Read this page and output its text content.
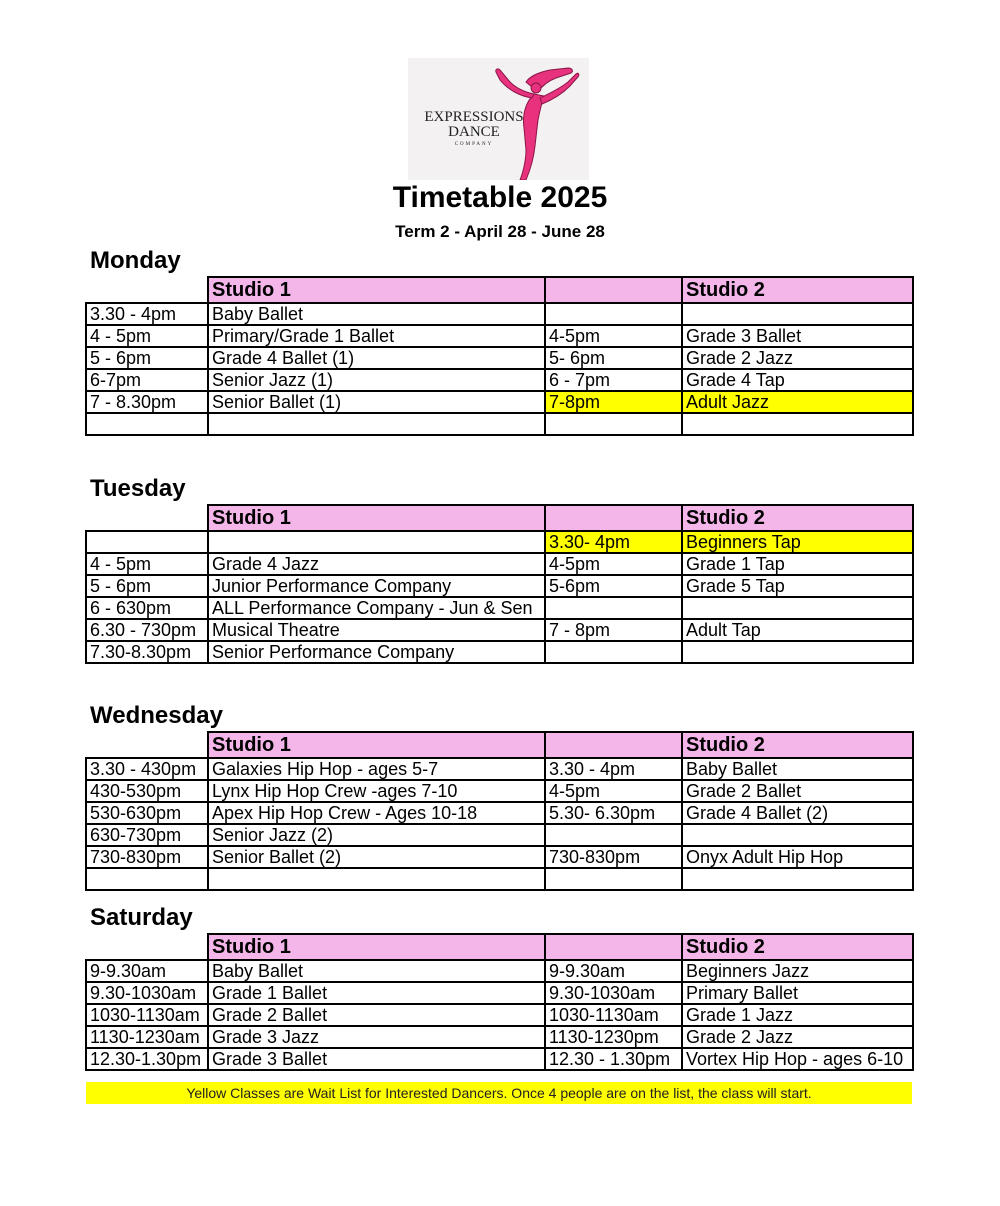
EXPRESSIONS
DANCE
COMPANY
Timetable 2025
Term 2 - April 28 - June 28
Monday
	Studio 1		Studio 2
3.30 - 4pm	Baby Ballet		
4 - 5pm	Primary/Grade 1 Ballet	4-5pm	Grade 3 Ballet
5 - 6pm	Grade 4 Ballet (1)	5- 6pm	Grade 2 Jazz
6-7pm	Senior Jazz (1)	6 - 7pm	Grade 4 Tap
7 - 8.30pm	Senior Ballet (1)	7-8pm	Adult Jazz

Tuesday
	Studio 1		Studio 2
		3.30- 4pm	Beginners Tap
4 - 5pm	Grade 4 Jazz	4-5pm	Grade 1 Tap
5 - 6pm	Junior Performance Company	5-6pm	Grade 5 Tap
6 - 630pm	ALL Performance Company - Jun & Sen		
6.30 - 730pm	Musical Theatre	7 - 8pm	Adult Tap
7.30-8.30pm	Senior Performance Company		
Wednesday
	Studio 1		Studio 2
3.30 - 430pm	Galaxies Hip Hop - ages 5-7	3.30 - 4pm	Baby Ballet
430-530pm	Lynx Hip Hop Crew -ages 7-10	4-5pm	Grade 2 Ballet
530-630pm	Apex Hip Hop Crew - Ages 10-18	5.30- 6.30pm	Grade 4 Ballet (2)
630-730pm	Senior Jazz (2)		
730-830pm	Senior Ballet (2)	730-830pm	Onyx Adult Hip Hop

Saturday
	Studio 1		Studio 2
9-9.30am	Baby Ballet	9-9.30am	Beginners Jazz
9.30-1030am	Grade 1 Ballet	9.30-1030am	Primary Ballet
1030-1130am	Grade 2 Ballet	1030-1130am	Grade 1 Jazz
1130-1230am	Grade 3 Jazz	1130-1230pm	Grade 2 Jazz
12.30-1.30pm	Grade 3 Ballet	12.30 - 1.30pm	Vortex Hip Hop - ages 6-10
Yellow Classes are Wait List for Interested Dancers. Once 4 people are on the list, the class will start.
